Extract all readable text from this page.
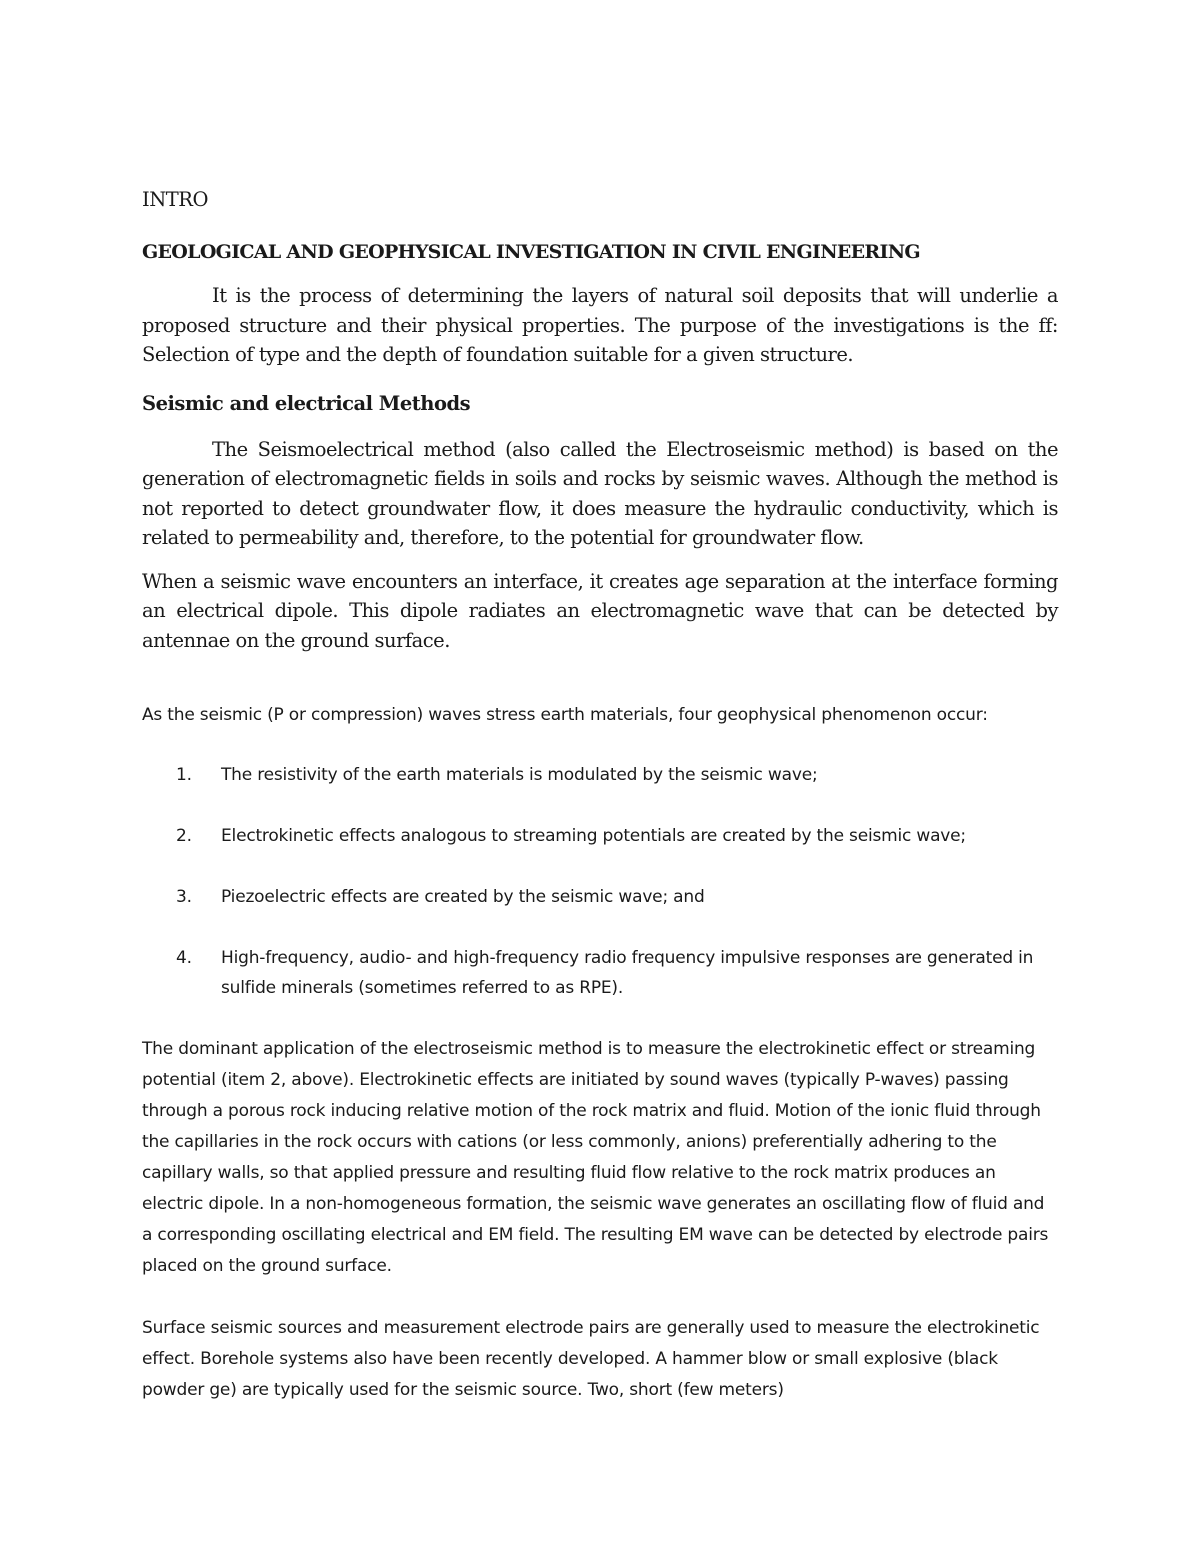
INTRO
GEOLOGICAL AND GEOPHYSICAL INVESTIGATION IN CIVIL ENGINEERING

It is the process of determining the layers of natural soil deposits that will underlie a proposed structure and their physical properties. The purpose of the investigations is the ff: Selection of type and the depth of foundation suitable for a given structure.

Seismic and electrical Methods

The Seismoelectrical method (also called the Electroseismic method) is based on the generation of electromagnetic fields in soils and rocks by seismic waves. Although the method is not reported to detect groundwater flow, it does measure the hydraulic conductivity, which is related to permeability and, therefore, to the potential for groundwater flow.

When a seismic wave encounters an interface, it creates age separation at the interface forming an electrical dipole. This dipole radiates an electromagnetic wave that can be detected by antennae on the ground surface.

As the seismic (P or compression) waves stress earth materials, four geophysical phenomenon occur:

1. The resistivity of the earth materials is modulated by the seismic wave;
2. Electrokinetic effects analogous to streaming potentials are created by the seismic wave;
3. Piezoelectric effects are created by the seismic wave; and
4. High-frequency, audio- and high-frequency radio frequency impulsive responses are generated in sulfide minerals (sometimes referred to as RPE).

The dominant application of the electroseismic method is to measure the electrokinetic effect or streaming potential (item 2, above). Electrokinetic effects are initiated by sound waves (typically P-waves) passing through a porous rock inducing relative motion of the rock matrix and fluid. Motion of the ionic fluid through the capillaries in the rock occurs with cations (or less commonly, anions) preferentially adhering to the capillary walls, so that applied pressure and resulting fluid flow relative to the rock matrix produces an electric dipole. In a non-homogeneous formation, the seismic wave generates an oscillating flow of fluid and a corresponding oscillating electrical and EM field. The resulting EM wave can be detected by electrode pairs placed on the ground surface.

Surface seismic sources and measurement electrode pairs are generally used to measure the electrokinetic effect. Borehole systems also have been recently developed. A hammer blow or small explosive (black powder ge) are typically used for the seismic source. Two, short (few meters)
